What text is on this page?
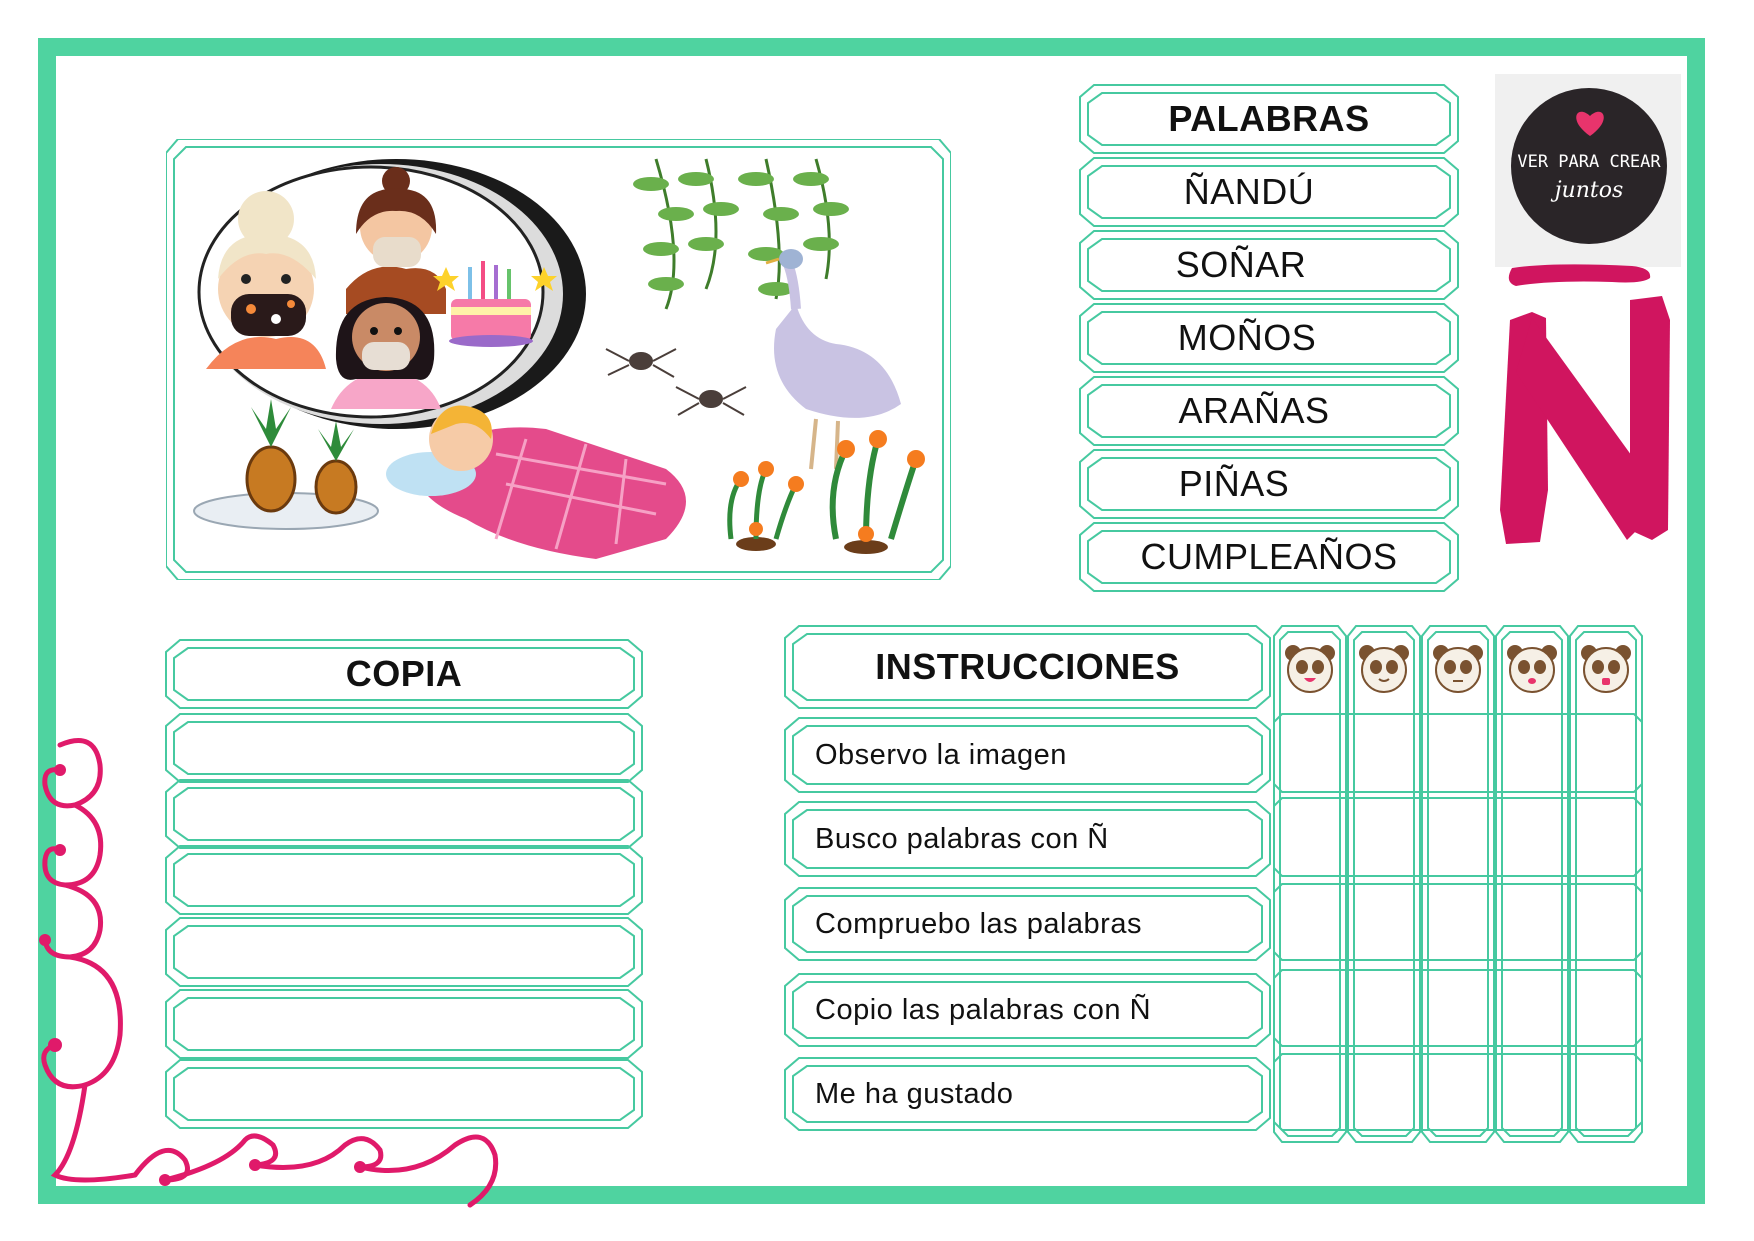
PALABRAS
ÑANDÚ
SOÑAR
MOÑOS
ARAÑAS
PIÑAS
CUMPLEAÑOS
VER PARA CREAR
juntos
COPIA	INSTRUCCIONES
Observo la imagen
Busco palabras con Ñ
Compruebo las palabras
Copio las palabras con Ñ
Me ha gustado
